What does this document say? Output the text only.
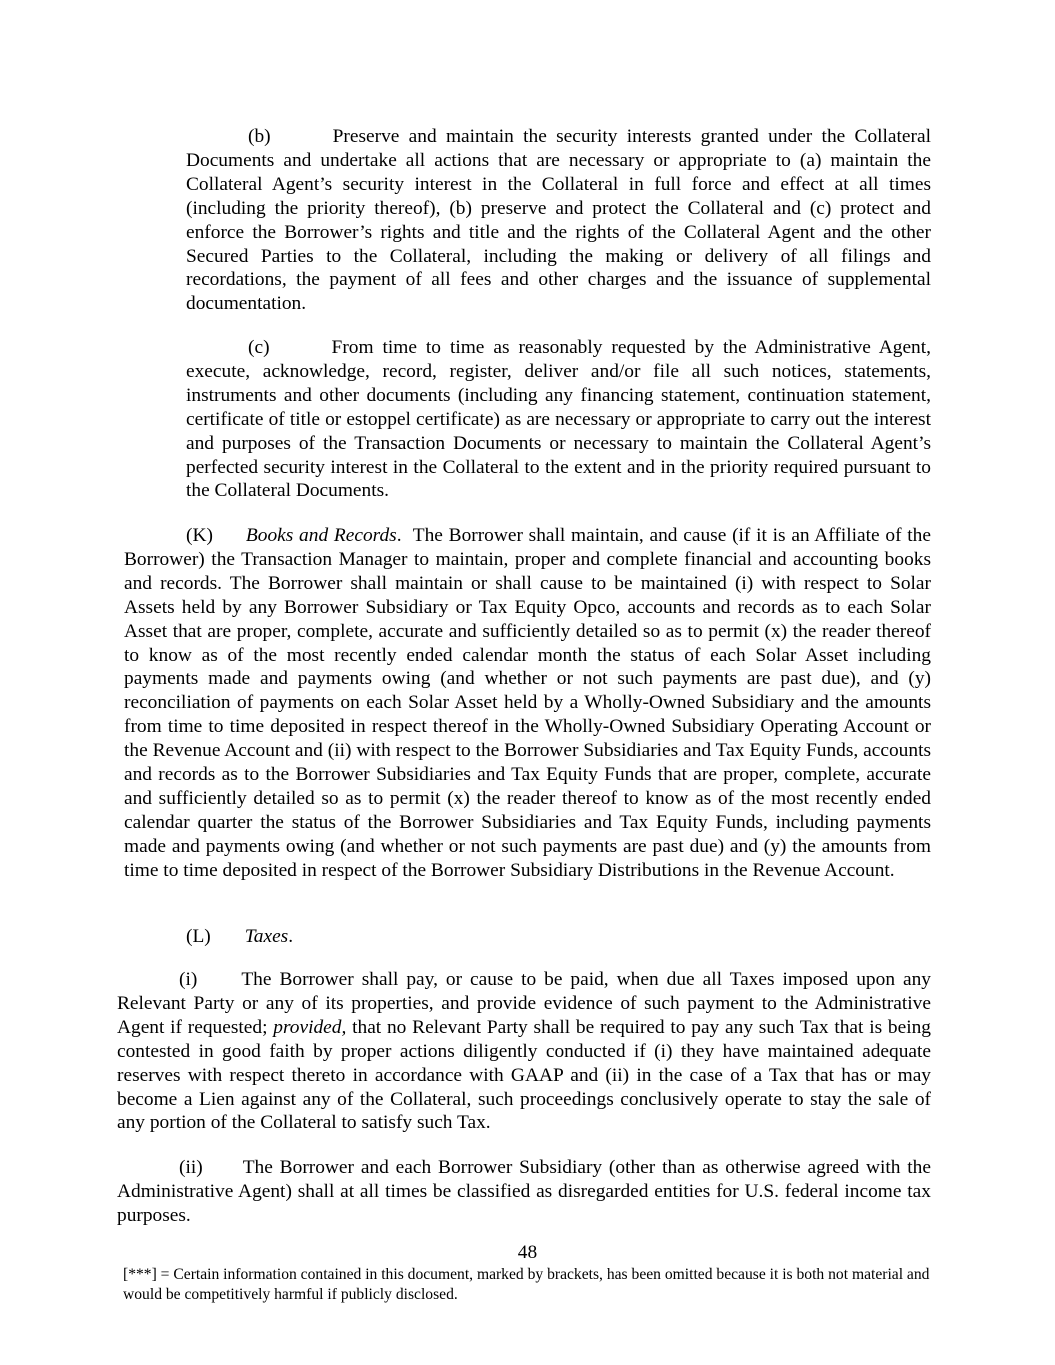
(b)	Preserve and maintain the security interests granted under the Collateral Documents and undertake all actions that are necessary or appropriate to (a) maintain the Collateral Agent’s security interest in the Collateral in full force and effect at all times (including the priority thereof), (b) preserve and protect the Collateral and (c) protect and enforce the Borrower’s rights and title and the rights of the Collateral Agent and the other Secured Parties to the Collateral, including the making or delivery of all filings and recordations, the payment of all fees and other charges and the issuance of supplemental documentation.

(c)	From time to time as reasonably requested by the Administrative Agent, execute, acknowledge, record, register, deliver and/or file all such notices, statements, instruments and other documents (including any financing statement, continuation statement, certificate of title or estoppel certificate) as are necessary or appropriate to carry out the interest and purposes of the Transaction Documents or necessary to maintain the Collateral Agent’s perfected security interest in the Collateral to the extent and in the priority required pursuant to the Collateral Documents.

(K) Books and Records. The Borrower shall maintain, and cause (if it is an Affiliate of the Borrower) the Transaction Manager to maintain, proper and complete financial and accounting books and records. The Borrower shall maintain or shall cause to be maintained (i) with respect to Solar Assets held by any Borrower Subsidiary or Tax Equity Opco, accounts and records as to each Solar Asset that are proper, complete, accurate and sufficiently detailed so as to permit (x) the reader thereof to know as of the most recently ended calendar month the status of each Solar Asset including payments made and payments owing (and whether or not such payments are past due), and (y) reconciliation of payments on each Solar Asset held by a Wholly-Owned Subsidiary and the amounts from time to time deposited in respect thereof in the Wholly-Owned Subsidiary Operating Account or the Revenue Account and (ii) with respect to the Borrower Subsidiaries and Tax Equity Funds, accounts and records as to the Borrower Subsidiaries and Tax Equity Funds that are proper, complete, accurate and sufficiently detailed so as to permit (x) the reader thereof to know as of the most recently ended calendar quarter the status of the Borrower Subsidiaries and Tax Equity Funds, including payments made and payments owing (and whether or not such payments are past due) and (y) the amounts from time to time deposited in respect of the Borrower Subsidiary Distributions in the Revenue Account.

(L) Taxes.

(i) The Borrower shall pay, or cause to be paid, when due all Taxes imposed upon any Relevant Party or any of its properties, and provide evidence of such payment to the Administrative Agent if requested; provided, that no Relevant Party shall be required to pay any such Tax that is being contested in good faith by proper actions diligently conducted if (i) they have maintained adequate reserves with respect thereto in accordance with GAAP and (ii) in the case of a Tax that has or may become a Lien against any of the Collateral, such proceedings conclusively operate to stay the sale of any portion of the Collateral to satisfy such Tax.

(ii) The Borrower and each Borrower Subsidiary (other than as otherwise agreed with the Administrative Agent) shall at all times be classified as disregarded entities for U.S. federal income tax purposes.

48
[***] = Certain information contained in this document, marked by brackets, has been omitted because it is both not material and would be competitively harmful if publicly disclosed.
